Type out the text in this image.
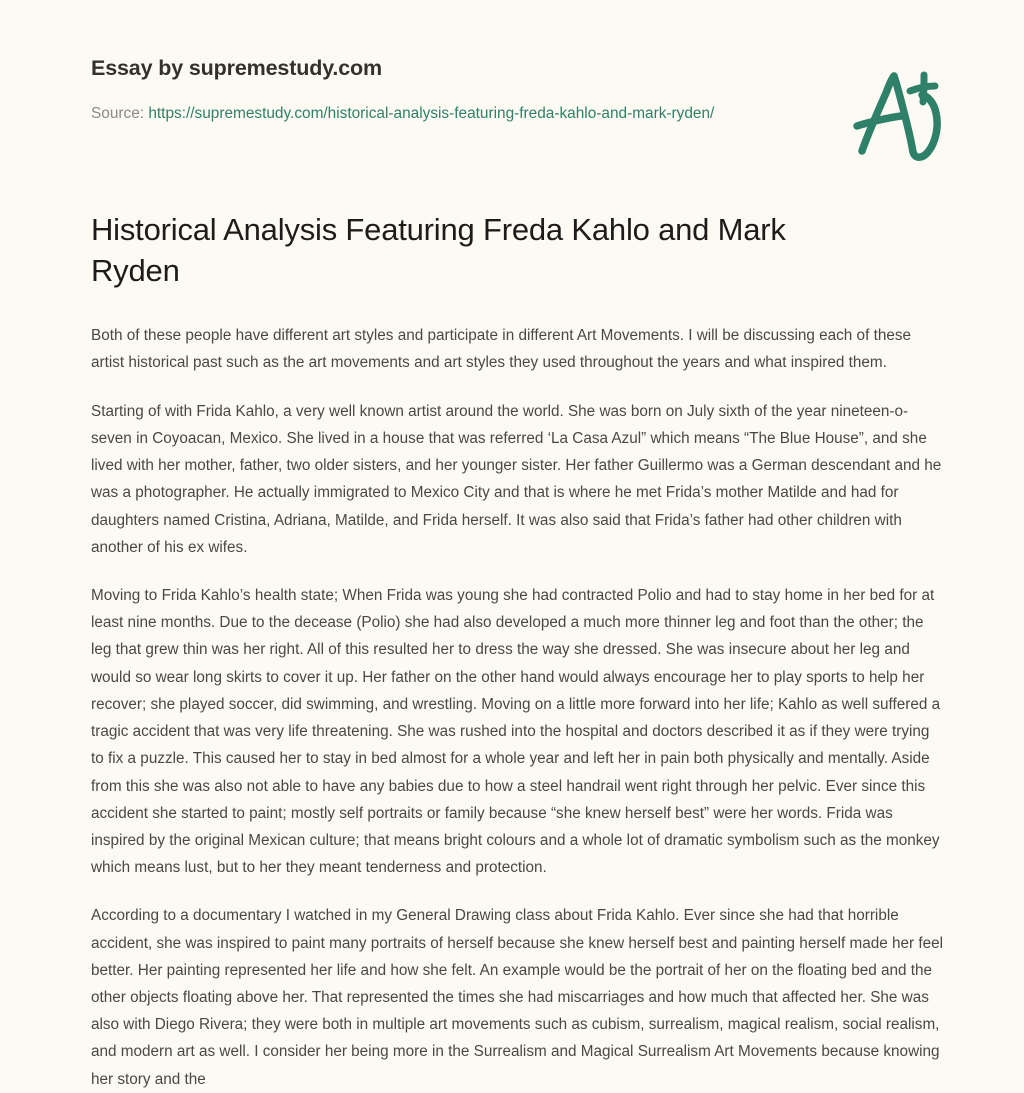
Essay by supremestudy.com

Source: https://supremestudy.com/historical-analysis-featuring-freda-kahlo-and-mark-ryden/

Historical Analysis Featuring Freda Kahlo and Mark Ryden

Both of these people have different art styles and participate in different Art Movements. I will be discussing each of these artist historical past such as the art movements and art styles they used throughout the years and what inspired them.

Starting of with Frida Kahlo, a very well known artist around the world. She was born on July sixth of the year nineteen-o-seven in Coyoacan, Mexico. She lived in a house that was referred ‘La Casa Azul” which means “The Blue House”, and she lived with her mother, father, two older sisters, and her younger sister. Her father Guillermo was a German descendant and he was a photographer. He actually immigrated to Mexico City and that is where he met Frida’s mother Matilde and had for daughters named Cristina, Adriana, Matilde, and Frida herself. It was also said that Frida’s father had other children with another of his ex wifes.

Moving to Frida Kahlo’s health state; When Frida was young she had contracted Polio and had to stay home in her bed for at least nine months. Due to the decease (Polio) she had also developed a much more thinner leg and foot than the other; the leg that grew thin was her right. All of this resulted her to dress the way she dressed. She was insecure about her leg and would so wear long skirts to cover it up. Her father on the other hand would always encourage her to play sports to help her recover; she played soccer, did swimming, and wrestling. Moving on a little more forward into her life; Kahlo as well suffered a tragic accident that was very life threatening. She was rushed into the hospital and doctors described it as if they were trying to fix a puzzle. This caused her to stay in bed almost for a whole year and left her in pain both physically and mentally. Aside from this she was also not able to have any babies due to how a steel handrail went right through her pelvic. Ever since this accident she started to paint; mostly self portraits or family because “she knew herself best” were her words. Frida was inspired by the original Mexican culture; that means bright colours and a whole lot of dramatic symbolism such as the monkey which means lust, but to her they meant tenderness and protection.

According to a documentary I watched in my General Drawing class about Frida Kahlo. Ever since she had that horrible accident, she was inspired to paint many portraits of herself because she knew herself best and painting herself made her feel better. Her painting represented her life and how she felt. An example would be the portrait of her on the floating bed and the other objects floating above her. That represented the times she had miscarriages and how much that affected her. She was also with Diego Rivera; they were both in multiple art movements such as cubism, surrealism, magical realism, social realism, and modern art as well. I consider her being more in the Surrealism and Magical Surrealism Art Movements because knowing her story and the
